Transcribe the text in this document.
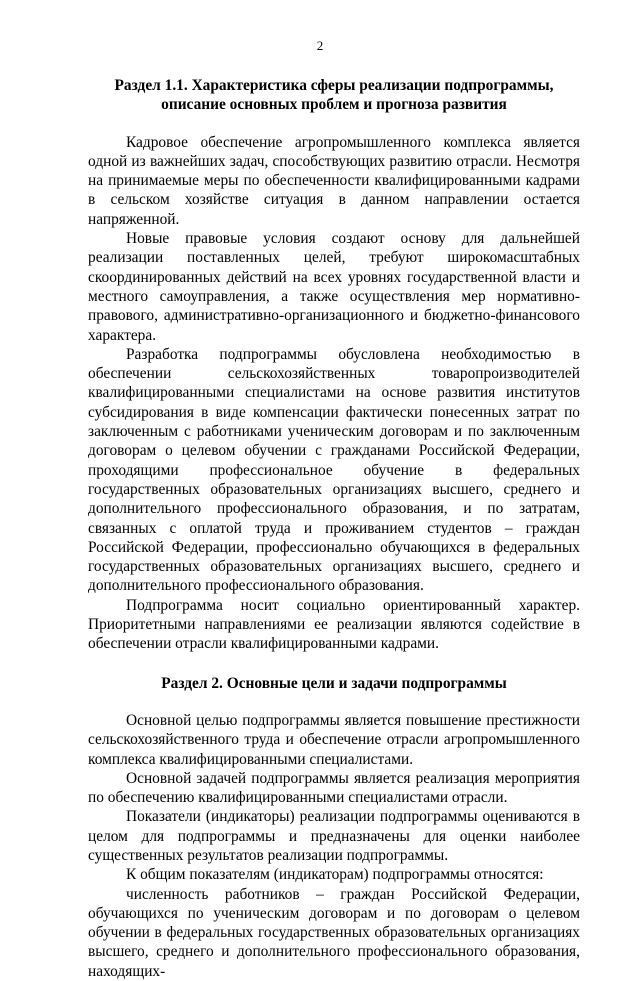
2
Раздел 1.1. Характеристика сферы реализации подпрограммы, описание основных проблем и прогноза развития

Кадровое обеспечение агропромышленного комплекса является одной из важнейших задач, способствующих развитию отрасли. Несмотря на принимаемые меры по обеспеченности квалифицированными кадрами в сельском хозяйстве ситуация в данном направлении остается напряженной.

Новые правовые условия создают основу для дальнейшей реализации поставленных целей, требуют широкомасштабных скоординированных действий на всех уровнях государственной власти и местного самоуправления, а также осуществления мер нормативно-правового, административно-организационного и бюджетно-финансового характера.

Разработка подпрограммы обусловлена необходимостью в обеспечении сельскохозяйственных товаропроизводителей квалифицированными специалистами на основе развития институтов субсидирования в виде компенсации фактически понесенных затрат по заключенным с работниками ученическим договорам и по заключенным договорам о целевом обучении с гражданами Российской Федерации, проходящими профессиональное обучение в федеральных государственных образовательных организациях высшего, среднего и дополнительного профессионального образования, и по затратам, связанных с оплатой труда и проживанием студентов – граждан Российской Федерации, профессионально обучающихся в федеральных государственных образовательных организациях высшего, среднего и дополнительного профессионального образования.

Подпрограмма носит социально ориентированный характер. Приоритетными направлениями ее реализации являются содействие в обеспечении отрасли квалифицированными кадрами.

Раздел 2. Основные цели и задачи подпрограммы

Основной целью подпрограммы является повышение престижности сельскохозяйственного труда и обеспечение отрасли агропромышленного комплекса квалифицированными специалистами.

Основной задачей подпрограммы является реализация мероприятия по обеспечению квалифицированными специалистами отрасли.

Показатели (индикаторы) реализации подпрограммы оцениваются в целом для подпрограммы и предназначены для оценки наиболее существенных результатов реализации подпрограммы.

К общим показателям (индикаторам) подпрограммы относятся:

численность работников – граждан Российской Федерации, обучающихся по ученическим договорам и по договорам о целевом обучении в федеральных государственных образовательных организациях высшего, среднего и дополнительного профессионального образования, находящих-
